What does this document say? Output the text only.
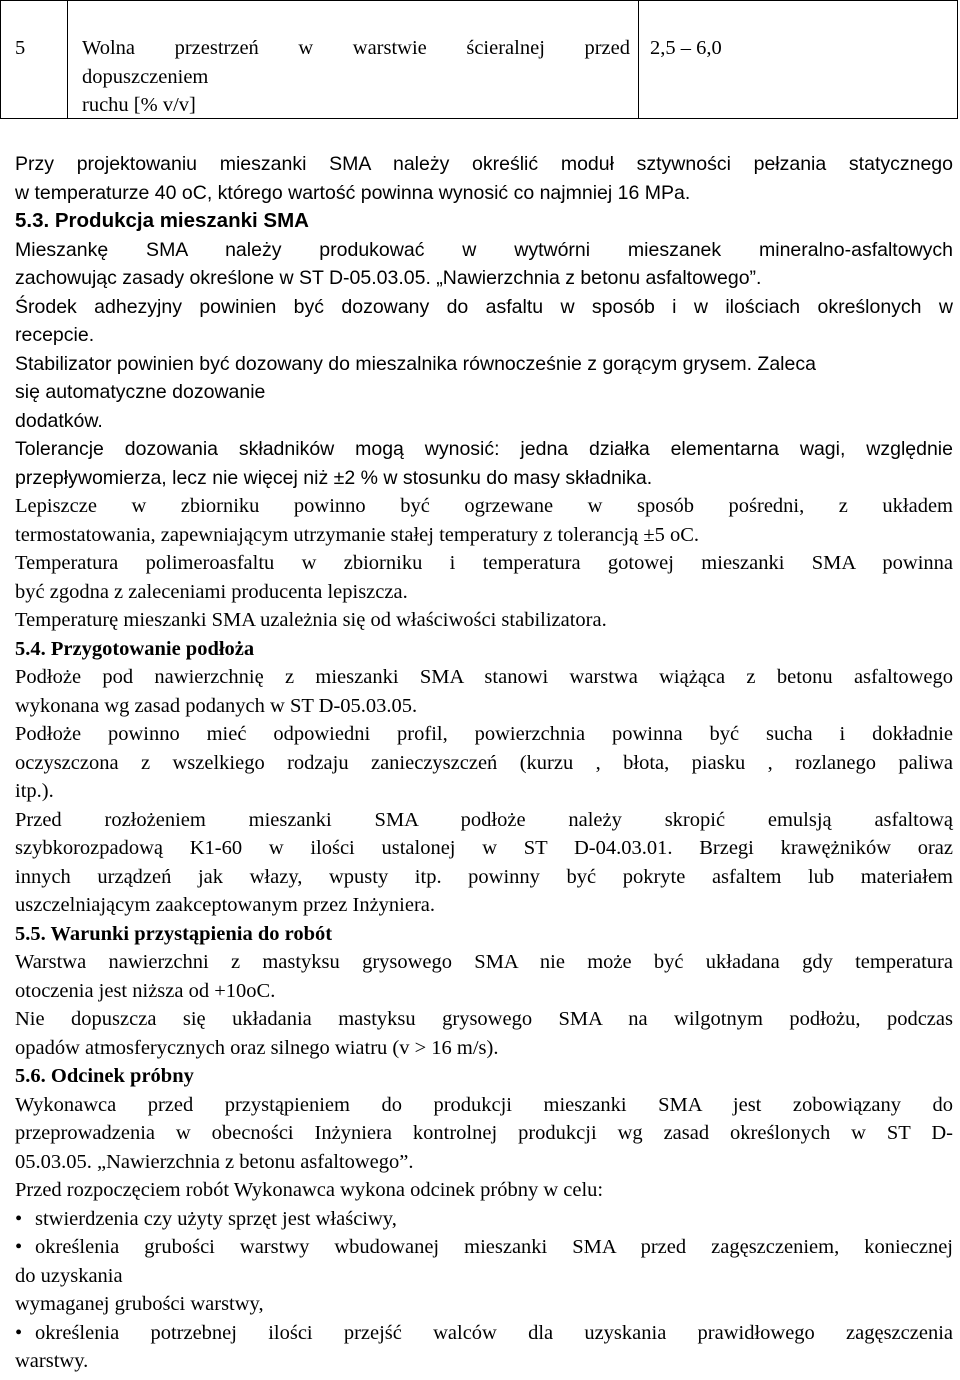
5	Wolna przestrzeń w warstwie ścieralnej przed
dopuszczeniem
ruchu [% v/v]
2,5 – 6,0

Przy projektowaniu mieszanki SMA należy określić moduł sztywności pełzania statycznego

w temperaturze 40 oC, którego wartość powinna wynosić co najmniej 16 MPa.

5.3. Produkcja mieszanki SMA

Mieszankę SMA należy produkować w wytwórni mieszanek mineralno-asfaltowych

zachowując zasady określone w ST D-05.03.05. „Nawierzchnia z betonu asfaltowego”.

Środek adhezyjny powinien być dozowany do asfaltu w sposób i w ilościach określonych w

recepcie.

Stabilizator powinien być dozowany do mieszalnika równocześnie z gorącym grysem. Zaleca

się automatyczne dozowanie

dodatków.

Tolerancje dozowania składników mogą wynosić: jedna działka elementarna wagi, względnie

przepływomierza, lecz nie więcej niż ±2 % w stosunku do masy składnika.

Lepiszcze w zbiorniku powinno być ogrzewane w sposób pośredni, z układem

termostatowania, zapewniającym utrzymanie stałej temperatury z tolerancją ±5 oC.

Temperatura polimeroasfaltu w zbiorniku i temperatura gotowej mieszanki SMA powinna

być zgodna z zaleceniami producenta lepiszcza.

Temperaturę mieszanki SMA uzależnia się od właściwości stabilizatora.

5.4. Przygotowanie podłoża

Podłoże pod nawierzchnię z mieszanki SMA stanowi warstwa wiążąca z betonu asfaltowego

wykonana wg zasad podanych w ST D-05.03.05.

Podłoże powinno mieć odpowiedni profil, powierzchnia powinna być sucha i dokładnie

oczyszczona z wszelkiego rodzaju zanieczyszczeń (kurzu , błota, piasku , rozlanego paliwa

itp.).

Przed rozłożeniem mieszanki SMA podłoże należy skropić emulsją asfaltową

szybkorozpadową K1-60 w ilości ustalonej w ST D-04.03.01. Brzegi krawężników oraz

innych urządzeń jak włazy, wpusty itp. powinny być pokryte asfaltem lub materiałem

uszczelniającym zaakceptowanym przez Inżyniera.

5.5. Warunki przystąpienia do robót

Warstwa nawierzchni z mastyksu grysowego SMA nie może być układana gdy temperatura

otoczenia jest niższa od +10oC.

Nie dopuszcza się układania mastyksu grysowego SMA na wilgotnym podłożu, podczas

opadów atmosferycznych oraz silnego wiatru (v > 16 m/s).

5.6. Odcinek próbny

Wykonawca przed przystąpieniem do produkcji mieszanki SMA jest zobowiązany do

przeprowadzenia w obecności Inżyniera kontrolnej produkcji wg zasad określonych w ST D-

05.03.05. „Nawierzchnia z betonu asfaltowego”.

Przed rozpoczęciem robót Wykonawca wykona odcinek próbny w celu:

• stwierdzenia czy użyty sprzęt jest właściwy,

• określenia grubości warstwy wbudowanej mieszanki SMA przed zagęszczeniem, koniecznej

do uzyskania

wymaganej grubości warstwy,

• określenia potrzebnej ilości przejść walców dla uzyskania prawidłowego zagęszczenia

warstwy.
